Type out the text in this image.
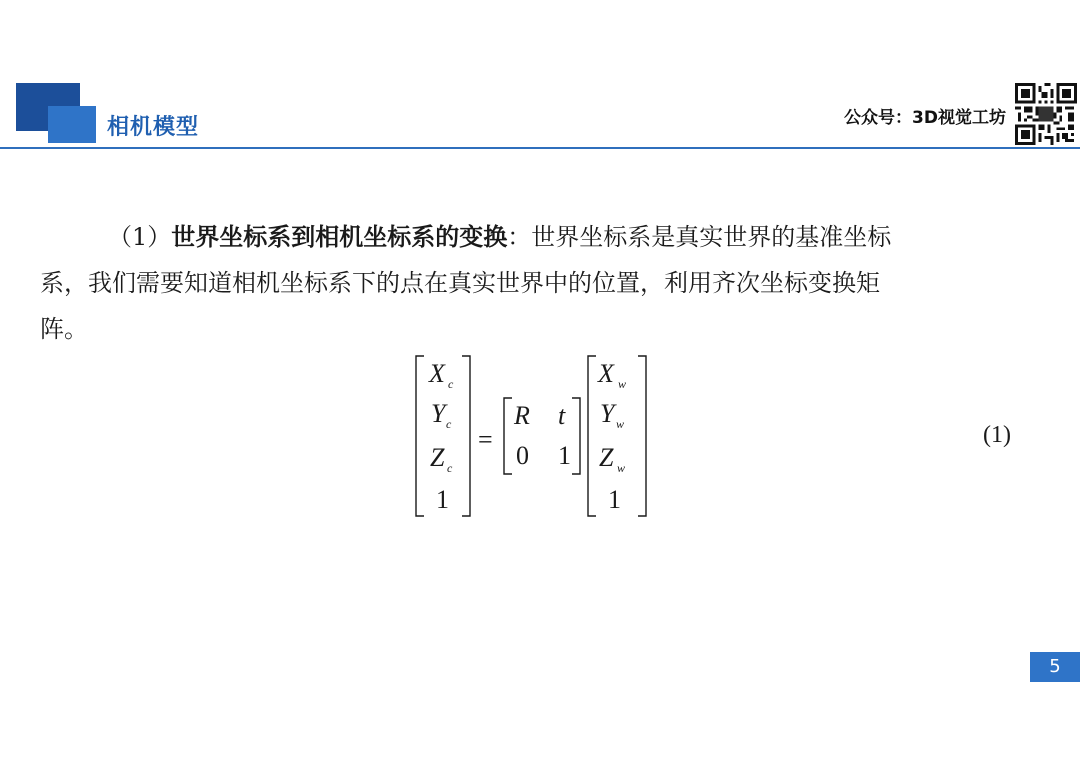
相机模型	公众号：3D视觉工坊
（1）世界坐标系到相机坐标系的变换：世界坐标系是真实世界的基准坐标
系，我们需要知道相机坐标系下的点在真实世界中的位置，利用齐次坐标变换矩
阵。
X c
Y c
Z c
1
=
R t
0 1
X w
Y w
Z w
1
(1)
5
